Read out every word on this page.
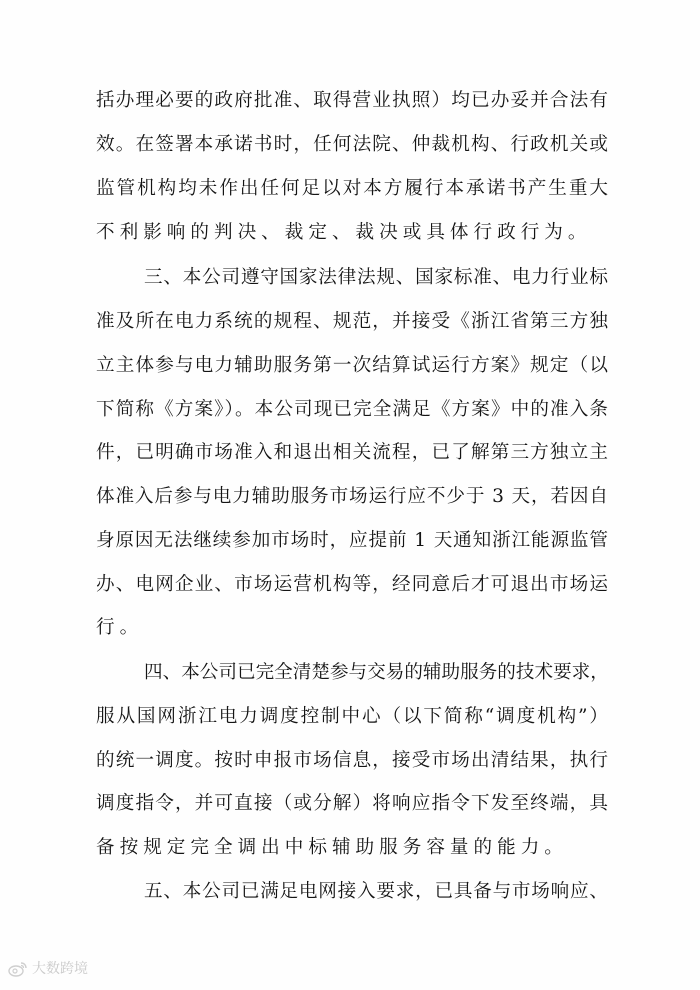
括办理必要的政府批准、取得营业执照）均已办妥并合法有
效。在签署本承诺书时，任何法院、仲裁机构、行政机关或
监管机构均未作出任何足以对本方履行本承诺书产生重大
不利影响的判决、裁定、裁决或具体行政行为。
三、本公司遵守国家法律法规、国家标准、电力行业标
准及所在电力系统的规程、规范，并接受《浙江省第三方独
立主体参与电力辅助服务第一次结算试运行方案》规定（以
下简称《方案》）。本公司现已完全满足《方案》中的准入条
件，已明确市场准入和退出相关流程，已了解第三方独立主
体准入后参与电力辅助服务市场运行应不少于 3 天，若因自
身原因无法继续参加市场时，应提前 1 天通知浙江能源监管
办、电网企业、市场运营机构等，经同意后才可退出市场运
行。
四、本公司已完全清楚参与交易的辅助服务的技术要求，
服从国网浙江电力调度控制中心（以下简称“调度机构”）
的统一调度。按时申报市场信息，接受市场出清结果，执行
调度指令，并可直接（或分解）将响应指令下发至终端，具
备按规定完全调出中标辅助服务容量的能力。
五、本公司已满足电网接入要求，已具备与市场响应、
大数跨境
